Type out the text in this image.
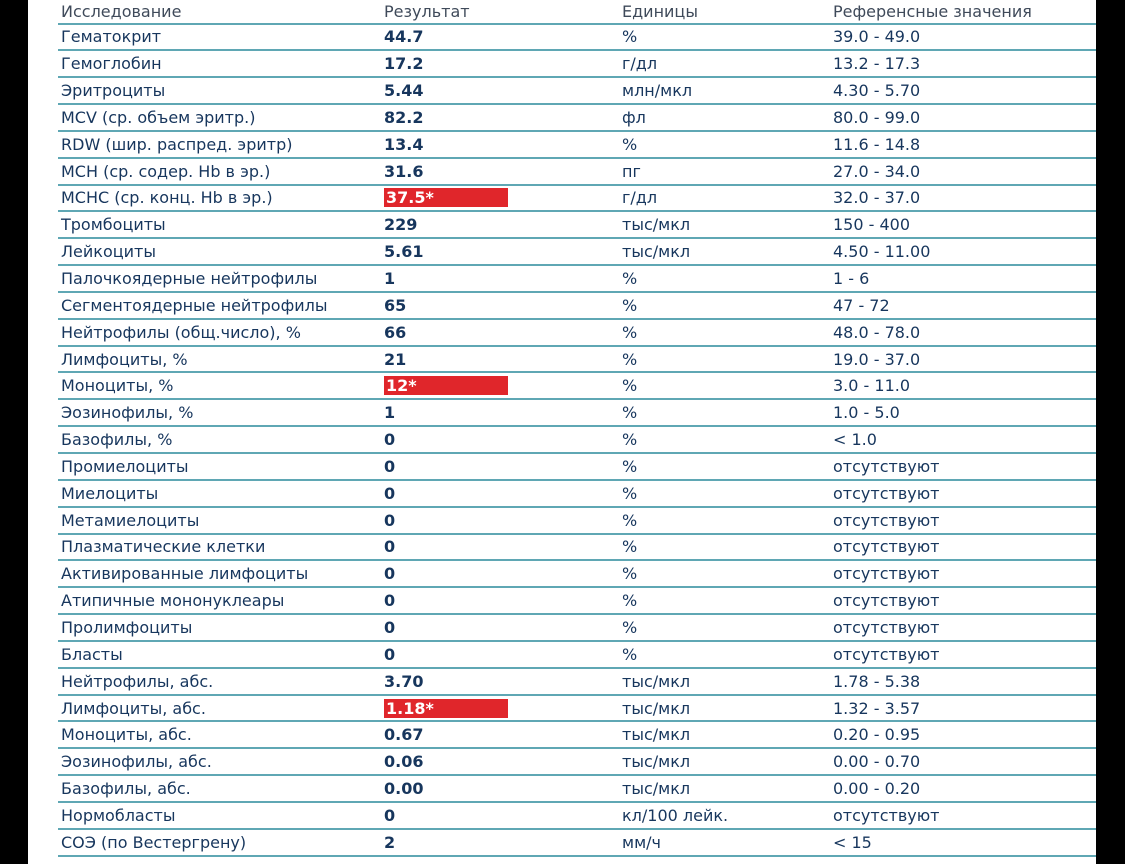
Исследование	Результат	Единицы	Референсные значения
Гематокрит	44.7	%	39.0 - 49.0
Гемоглобин	17.2	г/дл	13.2 - 17.3
Эритроциты	5.44	млн/мкл	4.30 - 5.70
MCV (ср. объем эритр.)	82.2	фл	80.0 - 99.0
RDW (шир. распред. эритр)	13.4	%	11.6 - 14.8
MCH (ср. содер. Hb в эр.)	31.6	пг	27.0 - 34.0
MCHC (ср. конц. Hb в эр.)	37.5*	г/дл	32.0 - 37.0
Тромбоциты	229	тыс/мкл	150 - 400
Лейкоциты	5.61	тыс/мкл	4.50 - 11.00
Палочкоядерные нейтрофилы	1	%	1 - 6
Сегментоядерные нейтрофилы	65	%	47 - 72
Нейтрофилы (общ.число), %	66	%	48.0 - 78.0
Лимфоциты, %	21	%	19.0 - 37.0
Моноциты, %	12*	%	3.0 - 11.0
Эозинофилы, %	1	%	1.0 - 5.0
Базофилы, %	0	%	< 1.0
Промиелоциты	0	%	отсутствуют
Миелоциты	0	%	отсутствуют
Метамиелоциты	0	%	отсутствуют
Плазматические клетки	0	%	отсутствуют
Активированные лимфоциты	0	%	отсутствуют
Атипичные мононуклеары	0	%	отсутствуют
Пролимфоциты	0	%	отсутствуют
Бласты	0	%	отсутствуют
Нейтрофилы, абс.	3.70	тыс/мкл	1.78 - 5.38
Лимфоциты, абс.	1.18*	тыс/мкл	1.32 - 3.57
Моноциты, абс.	0.67	тыс/мкл	0.20 - 0.95
Эозинофилы, абс.	0.06	тыс/мкл	0.00 - 0.70
Базофилы, абс.	0.00	тыс/мкл	0.00 - 0.20
Нормобласты	0	кл/100 лейк.	отсутствуют
СОЭ (по Вестергрену)	2	мм/ч	< 15
